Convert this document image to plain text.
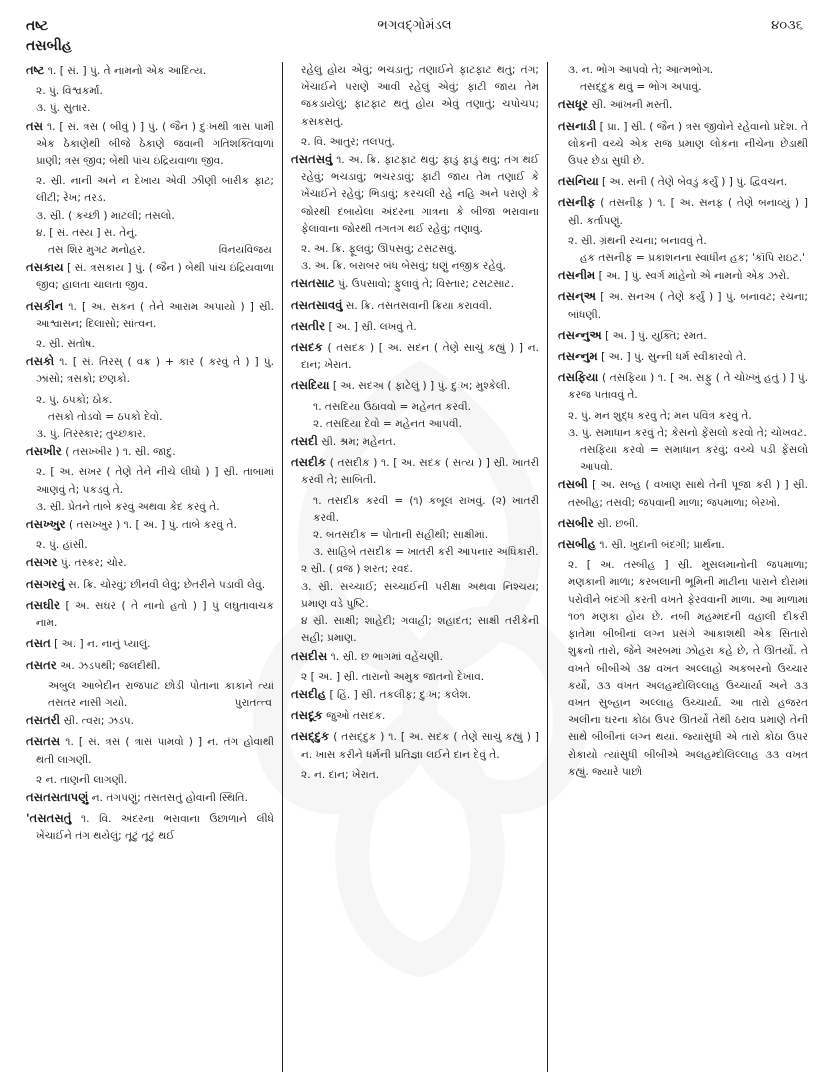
તષ્ટ	ભગવદ્ગોમંડલ	૪૦૩૬
તસબીહ
તષ્ટ ૧. [ સં. ] પું. તે નામનો એક આદિત્ય.
૨. પું. વિશ્વકર્મા.
૩. પું. સુતાર.
તસ ૧. [ સં. ત્રસ ( બીવું ) ] પું. ( જૈન ) દુઃખથી ત્રાસ પામી એક ઠેકાણેથી બીજે ઠેકાણે જવાની ગતિશક્તિવાળાં પ્રાણી; ત્રસ જીવ; બેથી પાંચ ઇંદ્રિયવાળા જીવ.
૨. સ્રી. નાની અને ન દેખાય એવી ઝીણી બારીક ફાટ; લીટી; રેખ; તરડ.
૩. સ્રી. ( કચ્છી ) માટલી; તસલો.
૪. [ સં. તસ્ય ] સ. તેનું.
તસ શિર મુગટ મનોહર.	વિનયવિજય
તસકાય [ સં. ત્રસકાય ] પું. ( જૈન ) બેથી પાંચ ઇંદ્રિયવાળા જીવ; હાલતા ચાલતા જીવ.
તસકીન ૧. [ અ. સકન ( તેને આરામ અપાયો ) ] સ્રી. આશ્વાસન; દિલાસો; સાંત્વન.
૨. સ્રી. સંતોષ.
તસકો ૧. [ સં. તિરસ્ ( વક્ર ) + કાર ( કરવું તે ) ] પું. ઝાંસો; ત્રસકો; છણકો.
૨. પું. ઠપકો; ઠોક.
તસકો તોડવો = ઠપકો દેવો.
૩. પું. તિરસ્કાર; તુચ્છકાર.
તસખીર ( તસખ્ખીર ) ૧. સ્રી. જાદુ.
૨. [ અ. સખર ( તેણે તેને નીચે લીધો ) ] સ્રી. તાબામાં આણવું તે; પકડવું તે.
૩. સ્રી. પ્રેતને તાબે કરવું અથવા કેદ કરવું તે.
તસખ્ખુર ( તસખ્ખુર ) ૧. [ અ. ] પું. તાબે કરવું તે.
૨. પું. હાંસી.
તસગર પું. તસ્કર; ચોર.
તસગરવું સ. ક્રિ. ચોરવું; છીનવી લેવું; છેતરીને પડાવી લેવું.
તસઘીર [ અ. સઘર ( તે નાનો હતો ) ] પું લઘુતાવાચક નામ.
તસત [ અ. ] ન. નાનું પ્યાલું.
તસતર અ. ઝડપથી; જલદીથી.
અબુલ આબેદીન રાજપાટ છોડી પોતાના કાકાને ત્યાં તસતર નાસી ગયો.	પુરાતત્ત્વ
તસતરી સ્રી. ત્વરા; ઝડપ.
તસતસ ૧. [ સં. ત્રસ ( ત્રાસ પામવો ) ] ન. તંગ હોવાથી થતી લાગણી.
૨ ન. તાણની લાગણી.
તસતસતાપણું ન. તંગપણું; તસતસતું હોવાની સ્થિતિ.
'તસતસતું ૧. વિ. અંદરના ભરાવાના ઉછાળાને લીધે ખેંચાઈને તંગ થયેલું; તૂટું તૂટું થઈ
રહેલું હોય એવું; ભચડાતું; તણાઈને ફાટફાટ થતું; તંગ; ખેંચાઈને પરાણે આવી રહેલું એવું; ફાટી જાય તેમ જકડાયેલું; ફાટફાટ થતું હોય એવું તણાતું; ચપોચપ; કસકસતું.
૨. વિ. આતુર; તલપતું.
તસતસવું ૧. અ. ક્રિ. ફાટફાટ થવું; ફાડું ફાડું થવું; તંગ થઈ રહેવું; ભચડાવું; ભચરડાવું; ફાટી જાય તેમ તણાઈ કે ખેંચાઈને રહેવું; ભિડાવું; કરચલી રહે નહિ અને પરાણે કે જોરથી દબાયેલા અંદરના ગાત્રના કે બીજા ભરાવાના ફેલાવાના જોરથી તગતગ થઈ રહેવું; તણાવું.
૨. અ. ક્રિ. ફૂલવું; ઊપસવું; ટસટસવું.
૩. અ. ક્રિ. બરાબર બંધ બેસવું; ઘણું નજીક રહેવું.
તસતસાટ પું. ઉપસાવો; ફુલાવું તે; વિસ્તાર; ટસટસાટ.
તસતસાવવું સ. ક્રિ. તસતસવાની ક્રિયા કરાવવી.
તસતીર [ અ. ] સ્રી. લખવું તે.
તસદક ( તસદક઼ ) [ અ. સદન ( તેણે સાચું કહ્યું ) ] ન. દાન; ખેરાત.
તસદિયા [ અ. સદઅ ( ફાટેલું ) ] પું. દુઃખ; મુશ્કેલી.
૧. તસદિયા ઉઠાવવો = મહેનત કરવી.
૨. તસદિયા દેવો = મહેનત આપવી.
તસદી સ્રી. શ્રમ; મહેનત.
તસદીક ( તસદીક઼ ) ૧. [ અ. સદક ( સત્ય ) ] સ્રી. ખાતરી કરવી તે; સાબિતી.
૧. તસદીક કરવી = (૧) કબૂલ રાખવું. (૨) ખાતરી કરવી.
૨. બતસદીક = પોતાની સહીથી; સાક્ષીમાં.
૩. સાહિબે તસદીક = ખાતરી કરી આપનાર અધિકારી.
૨ સ્રી. ( વ્રજ ) શરત; રવદ.
૩. સ્રી. સચ્ચાઈ; સચ્ચાઈની પરીક્ષા અથવા નિશ્ચય; પ્રમાણ વડે પુષ્ટિ.
૪ સ્રી. સાક્ષી; શાહેદી; ગવાહી; શહાદત; સાક્ષી તરીકેની સહી; પ્રમાણ.
તસદીસ ૧. સ્રી. છ ભાગમાં વહેંચણી.
૨ [ અ. ] સ્રી. તારાનો અમુક જાતનો દેખાવ.
તસદીહ [ હિં. ] સ્રી. તકલીફ; દુઃખ; કલેશ.
તસદૂક જુઓ તસદક.
તસદ્દુક ( તસદ્દુક઼ ) ૧. [ અ. સદક ( તેણે સાચું કહ્યું ) ] ન. ખાસ કરીને ધર્મની પ્રતિજ્ઞા લઈને દાન દેવું તે.
૨. ન. દાન; ખેરાત.
૩. ન. ભોગ આપવો તે; આત્મભોગ.
તસદ્દુક થવું = ભોગ અપાવું.
તસધૂર સ્રી. આંખની મસ્તી.
તસનાડી [ પ્રા. ] સ્રી. ( જૈન ) ત્રસ જીવોને રહેવાનો પ્રદેશ. તે લોકની વચ્ચે એક રાજ પ્રમાણ લોકના નીચેના છેડાથી ઉપર છેડા સુધી છે.
તસનિયા [ અ. સની ( તેણે બેવડું કર્યું ) ] પું. દ્વિવચન.
તસનીફ ( તસનીફ઼ ) ૧. [ અ. સનફ ( તેણે બનાવ્યું ) ] સ્રી. કર્તાપણું.
૨. સ્રી. ગ્રંથની રચના; બનાવવું તે.
હક તસનીફ = પ્રકાશનના સ્વાધીન હક; 'કૉપિ રાઇટ.'
તસનીમ [ અ. ] પું. સ્વર્ગ માંહેનો એ નામનો એક ઝરો.
તસન્અ [ અ. સનઅ ( તેણે કર્યું ) ] પું. બનાવટ; રચના; બાંધણી.
તસન્નુઅ [ અ. ] પું. યુક્તિ; રમત.
તસન્નુમ [ અ. ] પું. સુન્ની ધર્મ સ્વીકારવો તે.
તસફિયા ( તસફિ઼યા ) ૧. [ અ. સફુ ( તે ચોખ્ખું હતું ) ] પું. કરજ પતાવવું તે.
૨. પું. મન શુદ્ધ કરવું તે; મન પવિત્ર કરવું તે.
૩. પું. સમાધાન કરવું તે; કેસનો ફેંસલો કરવો તે; ચોખવટ.
તસફિયા કરવો = સમાધાન કરવું; વચ્ચે પડી ફેંસલો આપવો.
તસબી [ અ. સબ્હ ( વખાણ સાથે તેની પૂજા કરી ) ] સ્રી. તસ્બીહ; તસવી; જપવાની માળા; જપમાળા; બેરખો.
તસબીર સ્રી. છબી.
તસબીહ ૧. સ્રી. ખુદાની બંદગી; પ્રાર્થના.
૨. [ અ. તસ્બીહ ] સ્રી. મુસલમાનોની જપમાળા; મણકાની માળા; કરબલાની ભૂમિની માટીના પારાને દોરામાં પરોવીને બંદગી કરતી વખતે ફેરવવાની માળા. આ માળામાં ૧૦૧ મણકા હોય છે. નબી મહમ્મદની વહાલી દીકરી ફાતેમા બીબીનાં લગ્ન પ્રસંગે આકાશથી એક સિતારો શુક્રનો તારો, જેને અરબમાં ઝોહરા કહે છે, તે ઊતર્યો. તે વખતે બીબીએ ૩૪ વખત અલ્લાહો અકબરનો ઉચ્ચાર કર્યો, ૩૩ વખત અલહમ્દોલિલ્લાહ ઉચ્ચાર્યા અને ૩૩ વખત સુબ્હાન અલ્લાહ ઉચ્ચાર્યા. આ તારો હજરત અલીના ઘરના કોઠા ઉપર ઊતર્યો તેથી ઠરાવ પ્રમાણે તેની સાથે બીબીનાં લગ્ન થયાં. જ્યાંસુધી એ તારો કોઠા ઉપર રોકાયો ત્યાંસુધી બીબીએ અલહમ્દોલિલ્લાહ ૩૩ વખત કહ્યું. જ્યારે પાછો
